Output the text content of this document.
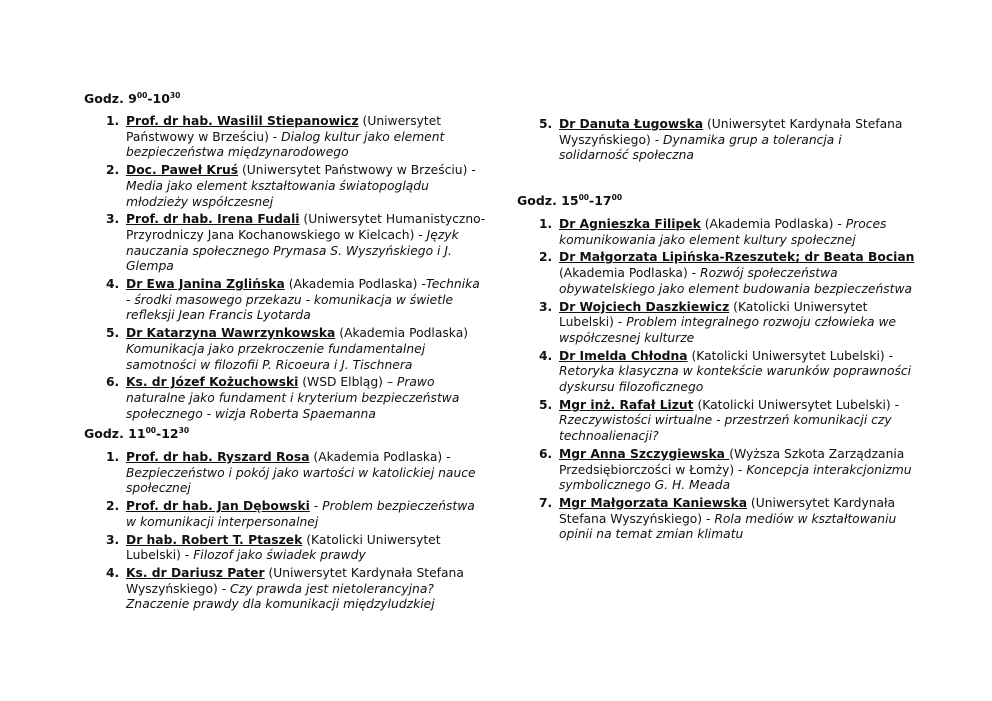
Godz. $9^{00}-10^{30}$
1. Prof. dr hab. Wasilil Stiepanowicz (Uniwersytet Państwowy w Brześciu) - Dialog kultur jako element bezpieczeństwa międzynarodowego
2. Doc. Paweł Kruś (Uniwersytet Państwowy w Brześciu) -Media jako element kształtowania światopoglądu młodzieży współczesnej
3. Prof. dr hab. Irena Fudali (Uniwersytet Humanistyczno-Przyrodniczy Jana Kochanowskiego w Kielcach) - Język nauczania społecznego Prymasa S. Wyszyńskiego i J. Glempa
4. Dr Ewa Janina Zglińska (Akademia Podlaska) -Technika - środki masowego przekazu - komunikacja w świetle refleksji Jean Francis Lyotarda
5. Dr Katarzyna Wawrzynkowska (Akademia Podlaska) Komunikacja jako przekroczenie fundamentalnej samotności w filozofii P. Ricoeura i J. Tischnera
6. Ks. dr Józef Kożuchowski (WSD Elbląg) – Prawo naturalne jako fundament i kryterium bezpieczeństwa społecznego - wizja Roberta Spaemanna
Godz. $11^{00}-12^{30}$
1. Prof. dr hab. Ryszard Rosa (Akademia Podlaska) -Bezpieczeństwo i pokój jako wartości w katolickiej nauce społecznej
2. Prof. dr hab. Jan Dębowski - Problem bezpieczeństwa w komunikacji interpersonalnej
3. Dr hab. Robert T. Ptaszek (Katolicki Uniwersytet Lubelski) - Filozof jako świadek prawdy
4. Ks. dr Dariusz Pater (Uniwersytet Kardynała Stefana Wyszyńskiego) - Czy prawda jest nietolerancyjna? Znaczenie prawdy dla komunikacji międzyludzkiej
5. Dr Danuta Ługowska (Uniwersytet Kardynała Stefana Wyszyńskiego) - Dynamika grup a tolerancja i solidarność społeczna
Godz. $15^{00}-17^{00}$
1. Dr Agnieszka Filipek (Akademia Podlaska) - Proces komunikowania jako element kultury społecznej
2. Dr Małgorzata Lipińska-Rzeszutek; dr Beata Bocian (Akademia Podlaska) - Rozwój społeczeństwa obywatelskiego jako element budowania bezpieczeństwa
3. Dr Wojciech Daszkiewicz (Katolicki Uniwersytet Lubelski) - Problem integralnego rozwoju człowieka we współczesnej kulturze
4. Dr Imelda Chłodna (Katolicki Uniwersytet Lubelski) -Retoryka klasyczna w kontekście warunków poprawności dyskursu filozoficznego
5. Mgr inż. Rafał Lizut (Katolicki Uniwersytet Lubelski) -Rzeczywistości wirtualne - przestrzeń komunikacji czy technoalienacji?
6. Mgr Anna Szczygiewska (Wyższa Szkota Zarządzania Przedsiębiorczości w Łomży) - Koncepcja interakcjonizmu symbolicznego G. H. Meada
7. Mgr Małgorzata Kaniewska (Uniwersytet Kardynała Stefana Wyszyńskiego) - Rola mediów w kształtowaniu opinii na temat zmian klimatu
